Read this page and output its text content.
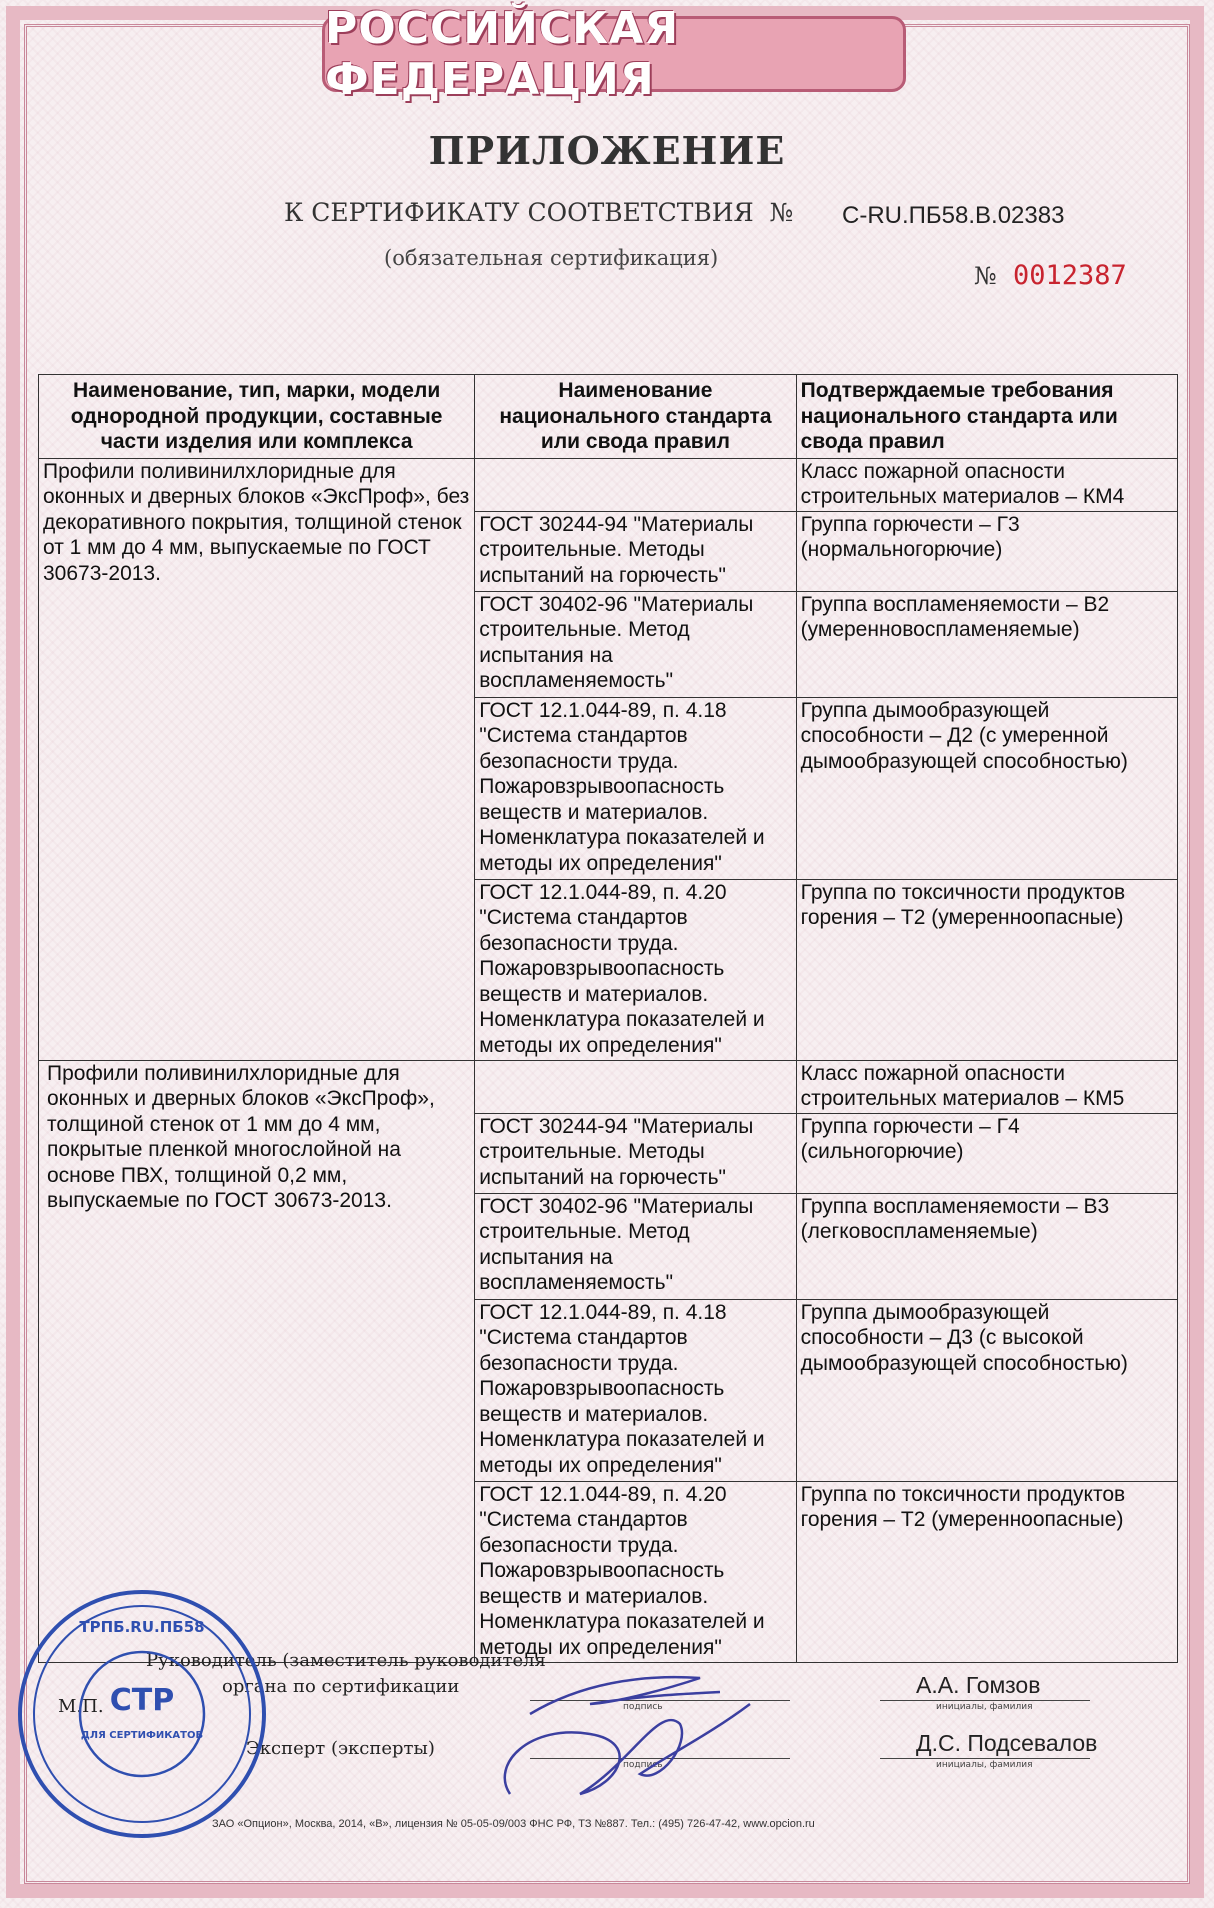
РОССИЙСКАЯ ФЕДЕРАЦИЯ
ПРИЛОЖЕНИЕ
К СЕРТИФИКАТУ СООТВЕТСТВИЯ № C-RU.ПБ58.В.02383
(обязательная сертификация)
№ 0012387
Наименование, тип, марки, модели однородной продукции, составные части изделия или комплекса	Наименование национального стандарта или свода правил	Подтверждаемые требования национального стандарта или свода правил
Профили поливинилхлоридные для оконных и дверных блоков «ЭксПроф», без декоративного покрытия, толщиной стенок от 1 мм до 4 мм, выпускаемые по ГОСТ 30673-2013.		Класс пожарной опасности строительных материалов – КМ4
	ГОСТ 30244-94 "Материалы строительные. Методы испытаний на горючесть"	Группа горючести – Г3 (нормальногорючие)
	ГОСТ 30402-96 "Материалы строительные. Метод испытания на воспламеняемость"	Группа воспламеняемости – В2 (умеренновоспламеняемые)
	ГОСТ 12.1.044-89, п. 4.18 "Система стандартов безопасности труда. Пожаровзрывоопасность веществ и материалов. Номенклатура показателей и методы их определения"	Группа дымообразующей способности – Д2 (с умеренной дымообразующей способностью)
	ГОСТ 12.1.044-89, п. 4.20 "Система стандартов безопасности труда. Пожаровзрывоопасность веществ и материалов. Номенклатура показателей и методы их определения"	Группа по токсичности продуктов горения – Т2 (умеренноопасные)
Профили поливинилхлоридные для оконных и дверных блоков «ЭксПроф», толщиной стенок от 1 мм до 4 мм, покрытые пленкой многослойной на основе ПВХ, толщиной 0,2 мм, выпускаемые по ГОСТ 30673-2013.		Класс пожарной опасности строительных материалов – КМ5
	ГОСТ 30244-94 "Материалы строительные. Методы испытаний на горючесть"	Группа горючести – Г4 (сильногорючие)
	ГОСТ 30402-96 "Материалы строительные. Метод испытания на воспламеняемость"	Группа воспламеняемости – В3 (легковоспламеняемые)
	ГОСТ 12.1.044-89, п. 4.18 "Система стандартов безопасности труда. Пожаровзрывоопасность веществ и материалов. Номенклатура показателей и методы их определения"	Группа дымообразующей способности – Д3 (с высокой дымообразующей способностью)
	ГОСТ 12.1.044-89, п. 4.20 "Система стандартов безопасности труда. Пожаровзрывоопасность веществ и материалов. Номенклатура показателей и методы их определения"	Группа по токсичности продуктов горения – Т2 (умеренноопасные)
Руководитель (заместитель руководителя
органа по сертификации
М.П.	подпись
А.А. Гомзов
инициалы, фамилия
Эксперт (эксперты)
подпись
Д.С. Подсевалов
инициалы, фамилия
ТРПБ.RU.ПБ58
СТР
ДЛЯ СЕРТИФИКАТОВ
ЗАО «Опцион», Москва, 2014, «В», лицензия № 05-05-09/003 ФНС РФ, ТЗ №887. Тел.: (495) 726-47-42, www.opcion.ru
